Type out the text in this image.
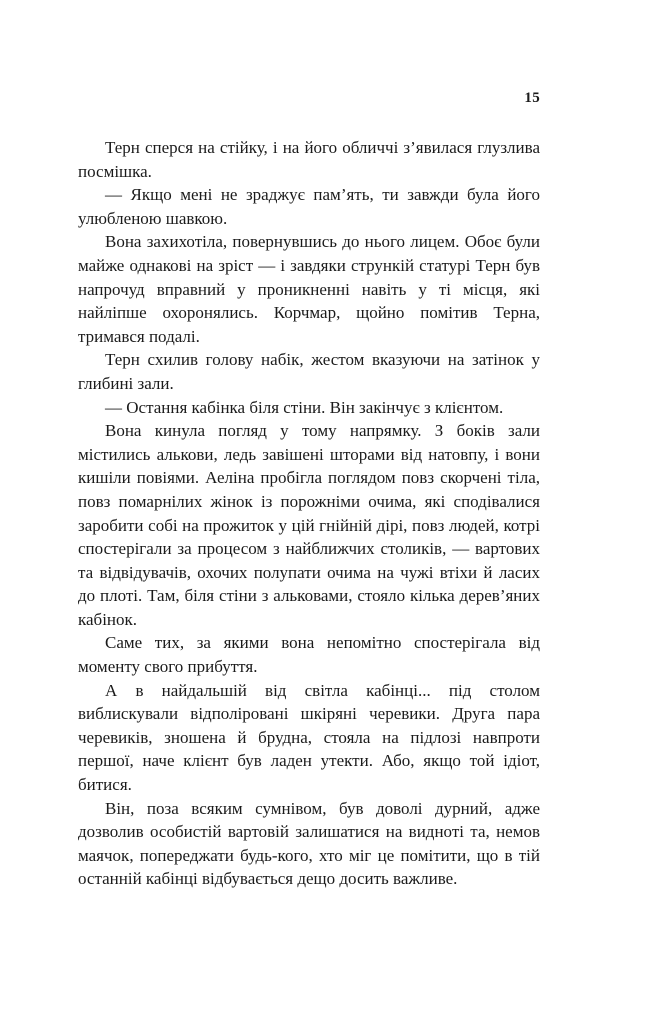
15

Терн сперся на стійку, і на його обличчі з’явилася глузлива посмішка.

— Якщо мені не зраджує пам’ять, ти завжди була його улюбленою шавкою.

Вона захихотіла, повернувшись до нього лицем. Обоє були майже однакові на зріст — і завдяки стрункій статурі Терн був напрочуд вправний у проникненні навіть у ті місця, які найліпше охоронялись. Корчмар, щойно помітив Терна, тримався подалі.

Терн схилив голову набік, жестом вказуючи на затінок у глибині зали.

— Остання кабінка біля стіни. Він закінчує з клієнтом.

Вона кинула погляд у тому напрямку. З боків зали містились алькови, ледь завішені шторами від натовпу, і вони кишіли повіями. Аеліна пробігла поглядом повз скорчені тіла, повз помарнілих жінок із порожніми очима, які сподівалися заробити собі на прожиток у цій гнійній дірі, повз людей, котрі спостерігали за процесом з найближчих столиків, — вартових та відвідувачів, охочих полупати очима на чужі втіхи й ласих до плоті. Там, біля стіни з альковами, стояло кілька дерев’яних кабінок.

Саме тих, за якими вона непомітно спостерігала від моменту свого прибуття.

А в найдальшій від світла кабінці... під столом виблискували відполіровані шкіряні черевики. Друга пара черевиків, зношена й брудна, стояла на підлозі навпроти першої, наче клієнт був ладен утекти. Або, якщо той ідіот, битися.

Він, поза всяким сумнівом, був доволі дурний, адже дозволив особистій вартовій залишатися на видноті та, немов маячок, попереджати будь-кого, хто міг це помітити, що в тій останній кабінці відбувається дещо досить важливе.
